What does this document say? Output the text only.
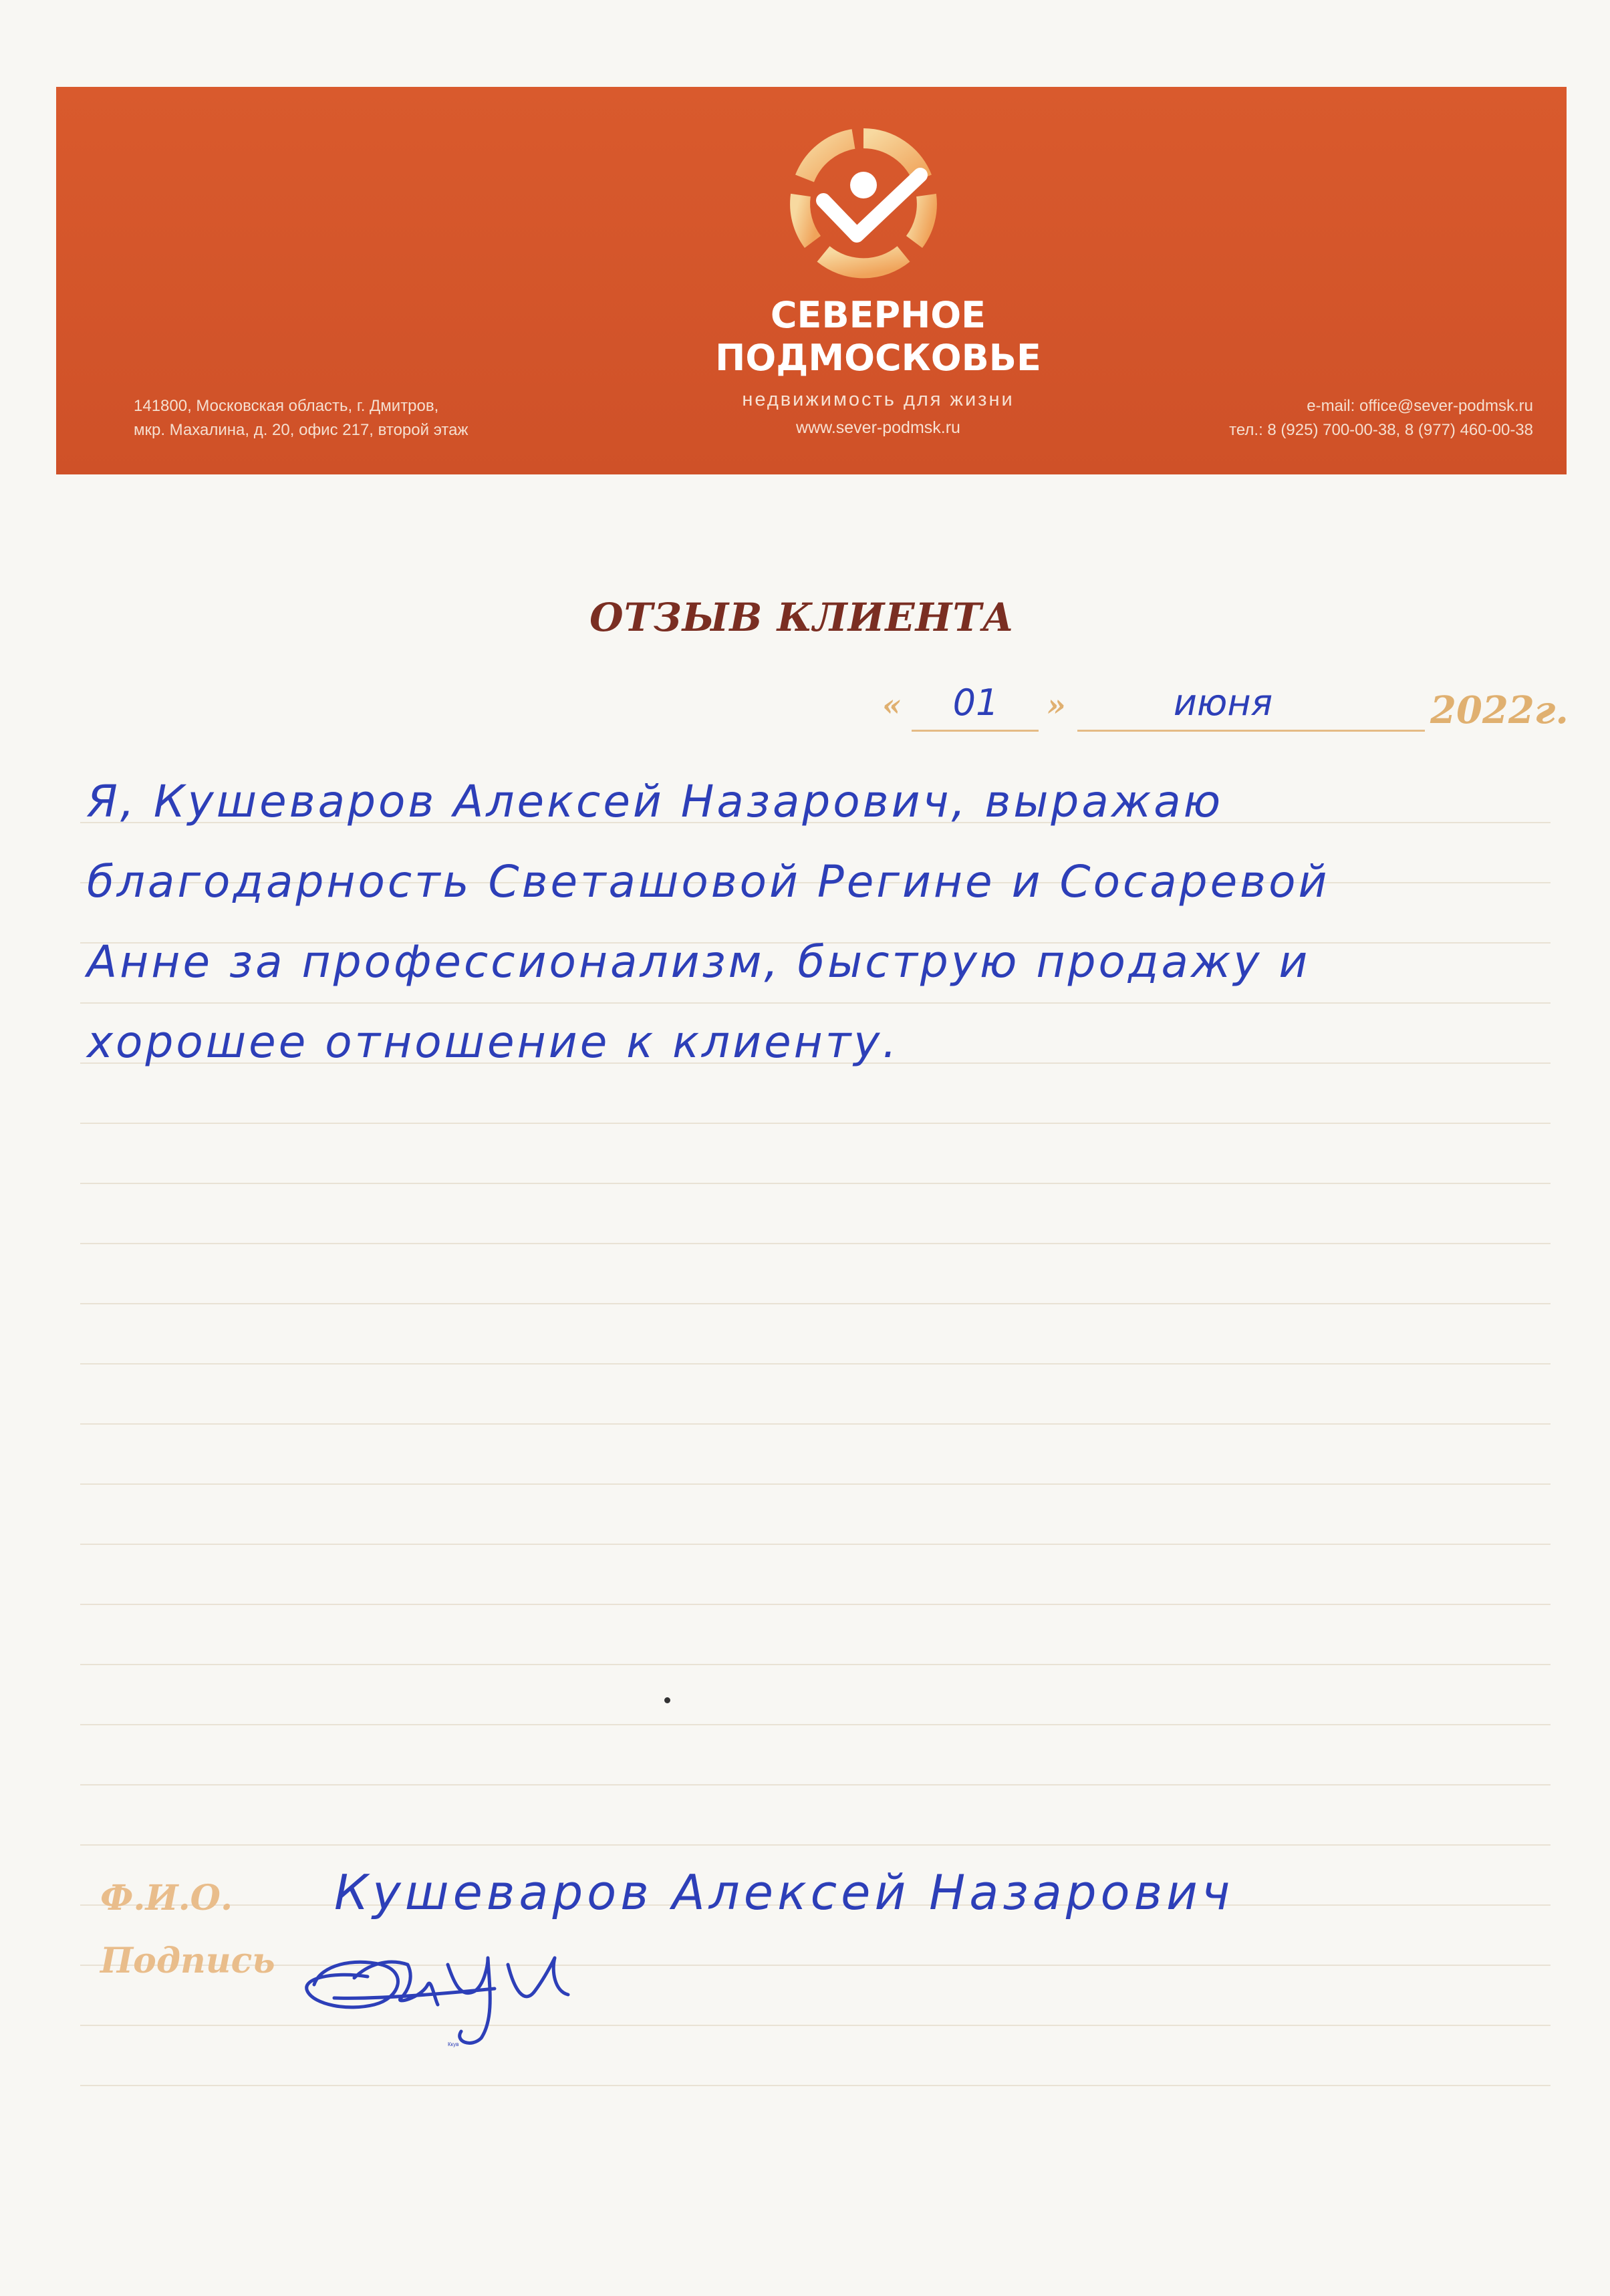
СЕВЕРНОЕ
ПОДМОСКОВЬЕ
недвижимость для жизни
www.sever-podmsk.ru
141800, Московская область, г. Дмитров,
мкр. Махалина, д. 20, офис 217, второй этаж
e-mail: office@sever-podmsk.ru
тел.: 8 (925) 700-00-38, 8 (977) 460-00-38
ОТЗЫВ КЛИЕНТА
«	01	»	июня	2022г.
Я, Кушеваров Алексей Назарович, выражаю
благодарность Светашовой Регине и Сосаревой
Анне за профессионализм, быструю продажу и
хорошее отношение к клиенту.
Ф.И.О. Кушеваров Алексей Назарович
Подпись
Ккув
